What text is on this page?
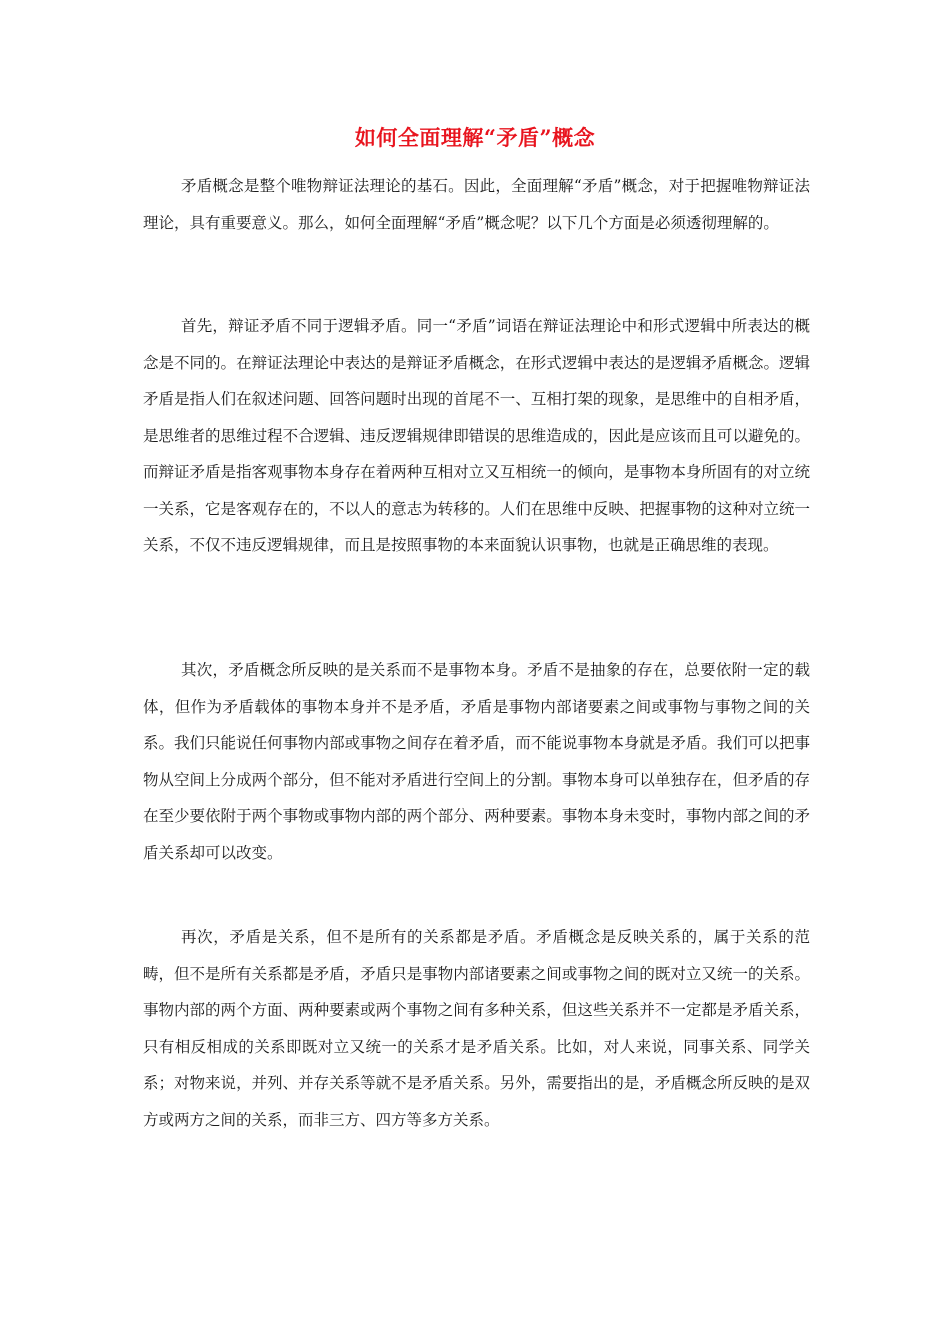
如何全面理解“矛盾”概念

矛盾概念是整个唯物辩证法理论的基石。因此，全面理解“矛盾”概念，对于把握唯物辩证法理论，具有重要意义。那么，如何全面理解“矛盾”概念呢？以下几个方面是必须透彻理解的。

首先，辩证矛盾不同于逻辑矛盾。同一“矛盾”词语在辩证法理论中和形式逻辑中所表达的概念是不同的。在辩证法理论中表达的是辩证矛盾概念，在形式逻辑中表达的是逻辑矛盾概念。逻辑矛盾是指人们在叙述问题、回答问题时出现的首尾不一、互相打架的现象，是思维中的自相矛盾，是思维者的思维过程不合逻辑、违反逻辑规律即错误的思维造成的，因此是应该而且可以避免的。而辩证矛盾是指客观事物本身存在着两种互相对立又互相统一的倾向，是事物本身所固有的对立统一关系，它是客观存在的，不以人的意志为转移的。人们在思维中反映、把握事物的这种对立统一关系，不仅不违反逻辑规律，而且是按照事物的本来面貌认识事物，也就是正确思维的表现。

其次，矛盾概念所反映的是关系而不是事物本身。矛盾不是抽象的存在，总要依附一定的载体，但作为矛盾载体的事物本身并不是矛盾，矛盾是事物内部诸要素之间或事物与事物之间的关系。我们只能说任何事物内部或事物之间存在着矛盾，而不能说事物本身就是矛盾。我们可以把事物从空间上分成两个部分，但不能对矛盾进行空间上的分割。事物本身可以单独存在，但矛盾的存在至少要依附于两个事物或事物内部的两个部分、两种要素。事物本身未变时，事物内部之间的矛盾关系却可以改变。

再次，矛盾是关系，但不是所有的关系都是矛盾。矛盾概念是反映关系的，属于关系的范畴，但不是所有关系都是矛盾，矛盾只是事物内部诸要素之间或事物之间的既对立又统一的关系。事物内部的两个方面、两种要素或两个事物之间有多种关系，但这些关系并不一定都是矛盾关系，只有相反相成的关系即既对立又统一的关系才是矛盾关系。比如，对人来说，同事关系、同学关系；对物来说，并列、并存关系等就不是矛盾关系。另外，需要指出的是，矛盾概念所反映的是双方或两方之间的关系，而非三方、四方等多方关系。
